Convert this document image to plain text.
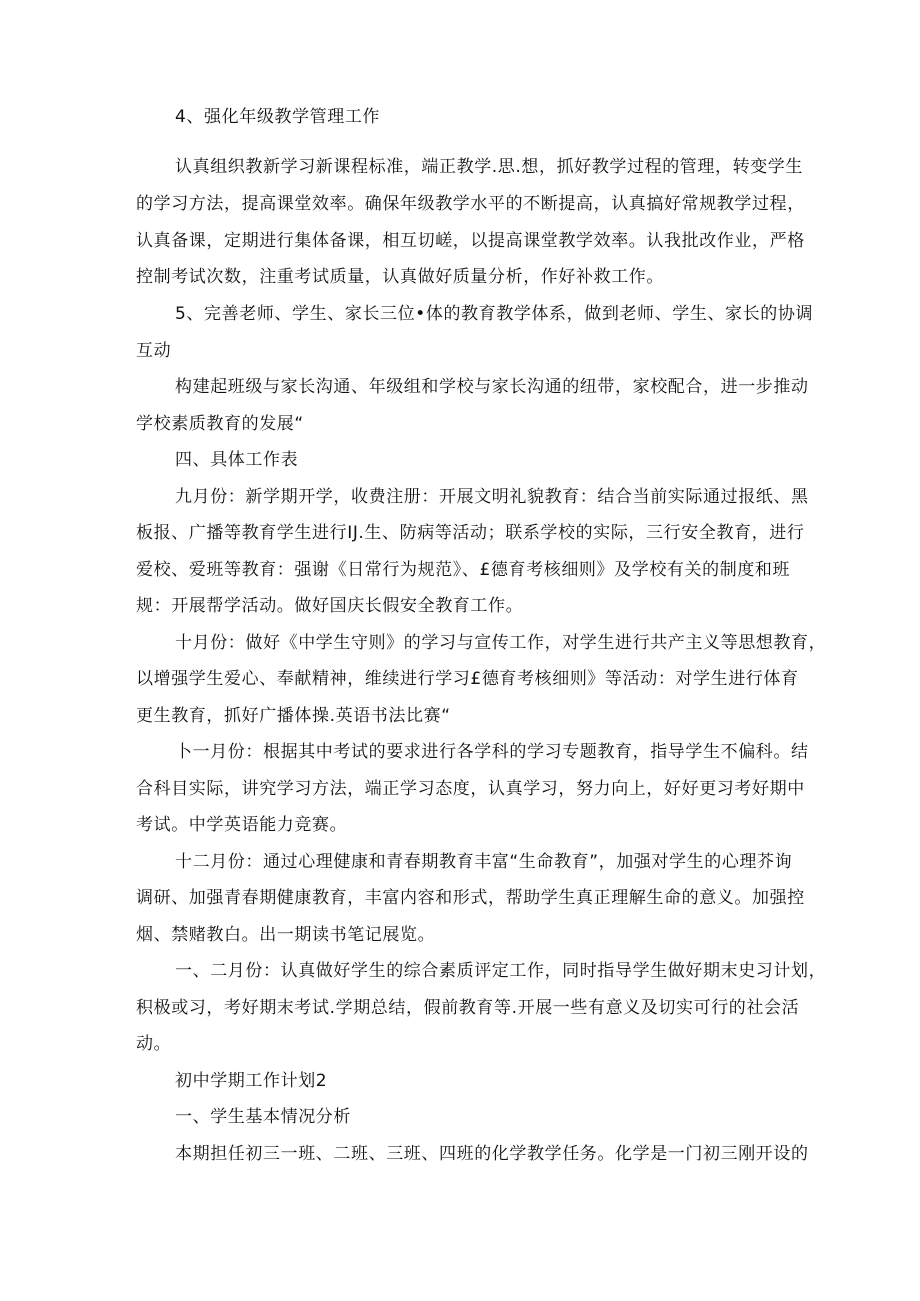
4、强化年级教学管理工作
认真组织教新学习新课程标准，端正教学.思.想，抓好教学过程的管理，转变学生
的学习方法，提高课堂效率。确保年级教学水平的不断提高，认真搞好常规教学过程，
认真备课，定期进行集体备课，相互切嵯，以提高课堂教学效率。认我批改作业，严格
控制考试次数，注重考试质量，认真做好质量分析，作好补救工作。
5、完善老师、学生、家长三位•体的教育教学体系，做到老师、学生、家长的协调
互动
构建起班级与家长沟通、年级组和学校与家长沟通的纽带，家校配合，进一步推动
学校素质教育的发展“
四、具体工作表
九月份：新学期开学，收费注册：开展文明礼貌教育：结合当前实际通过报纸、黑
板报、广播等教育学生进行IJ.生、防病等活动；联系学校的实际，三行安全教育，进行
爱校、爱班等教育：强谢《日常行为规范》、£德育考核细则》及学校有关的制度和班
规：开展帮学活动。做好国庆长假安全教育工作。
十月份：做好《中学生守则》的学习与宣传工作，对学生进行共产主义等思想教育，
以增强学生爱心、奉献精神，维续进行学习£德育考核细则》等活动：对学生进行体育
更生教育，抓好广播体操.英语书法比赛“
卜一月份：根据其中考试的要求进行各学科的学习专题教育，指导学生不偏科。结
合科目实际，讲究学习方法，端正学习态度，认真学习，努力向上，好好更习考好期中
考试。中学英语能力竞赛。
十二月份：通过心理健康和青春期教育丰富“生命教育”，加强对学生的心理芥询
调研、加强青春期健康教育，丰富内容和形式，帮助学生真正理解生命的意义。加强控
烟、禁赌教白。出一期读书笔记展览。
一、二月份：认真做好学生的综合素质评定工作，同时指导学生做好期末史习计划，
积极或习，考好期末考试.学期总结，假前教育等.开展一些有意义及切实可行的社会活
动。
初中学期工作计划2
一、学生基本情况分析
本期担任初三一班、二班、三班、四班的化学教学任务。化学是一门初三刚开设的
